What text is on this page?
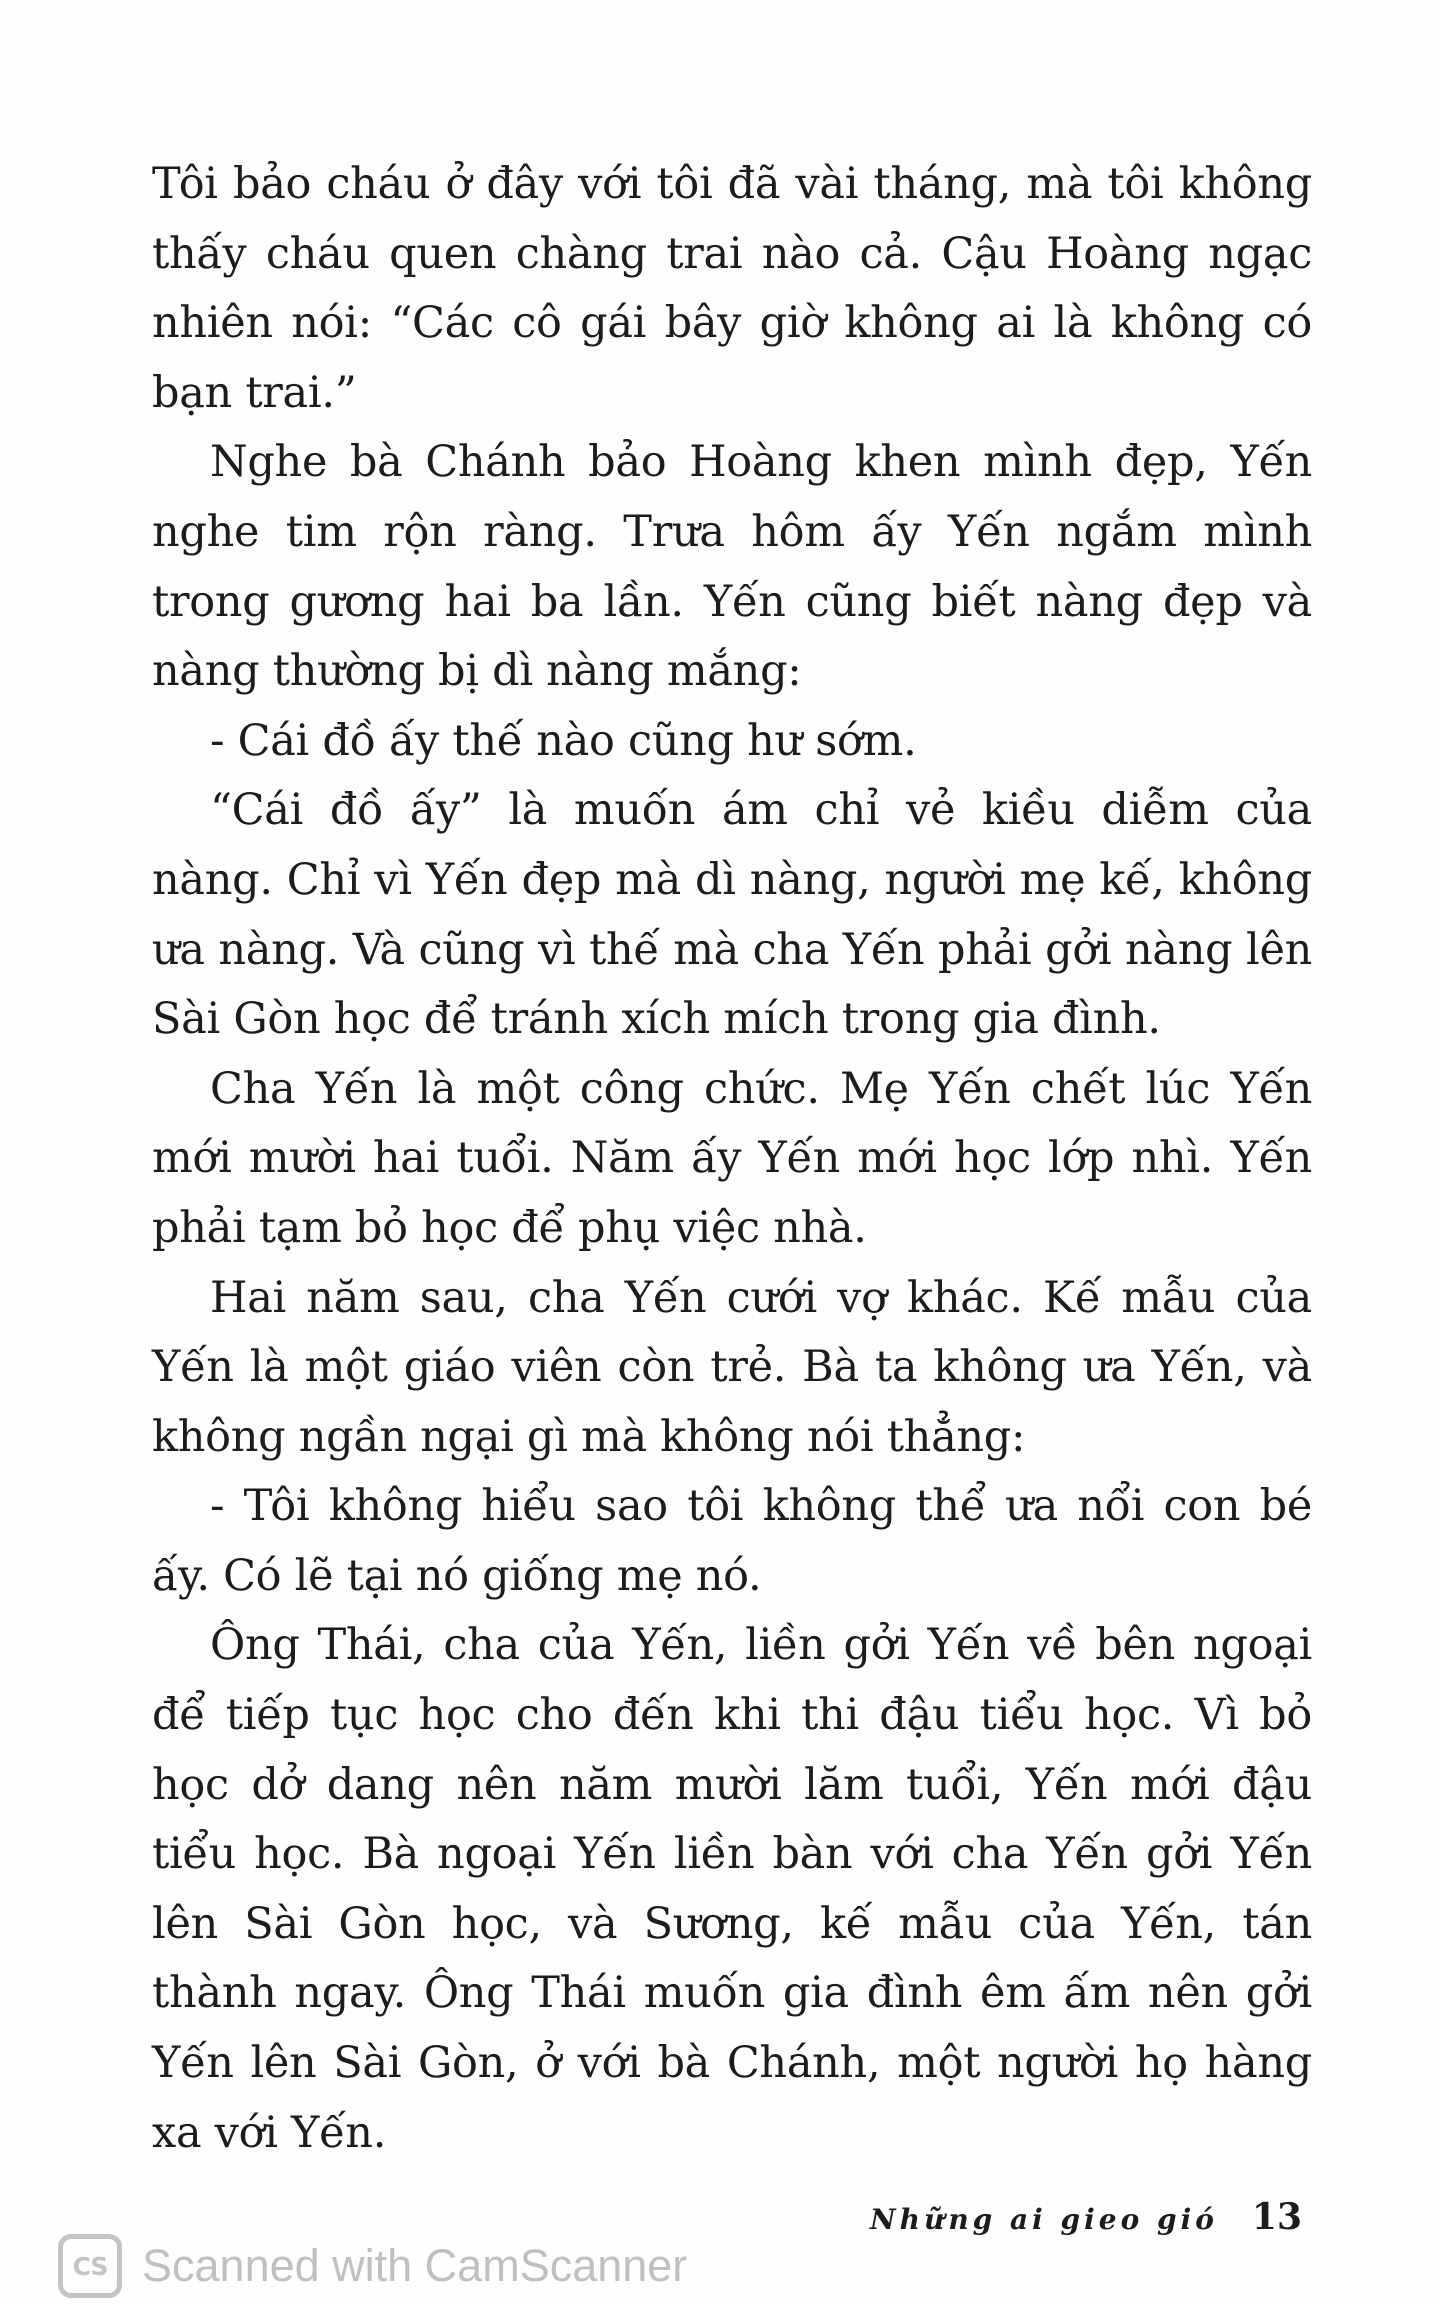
Tôi bảo cháu ở đây với tôi đã vài tháng, mà tôi không thấy cháu quen chàng trai nào cả. Cậu Hoàng ngạc nhiên nói: “Các cô gái bây giờ không ai là không có bạn trai.”

Nghe bà Chánh bảo Hoàng khen mình đẹp, Yến nghe tim rộn ràng. Trưa hôm ấy Yến ngắm mình trong gương hai ba lần. Yến cũng biết nàng đẹp và nàng thường bị dì nàng mắng:

- Cái đồ ấy thế nào cũng hư sớm.

“Cái đồ ấy” là muốn ám chỉ vẻ kiều diễm của nàng. Chỉ vì Yến đẹp mà dì nàng, người mẹ kế, không ưa nàng. Và cũng vì thế mà cha Yến phải gởi nàng lên Sài Gòn học để tránh xích mích trong gia đình.

Cha Yến là một công chức. Mẹ Yến chết lúc Yến mới mười hai tuổi. Năm ấy Yến mới học lớp nhì. Yến phải tạm bỏ học để phụ việc nhà.

Hai năm sau, cha Yến cưới vợ khác. Kế mẫu của Yến là một giáo viên còn trẻ. Bà ta không ưa Yến, và không ngần ngại gì mà không nói thẳng:

- Tôi không hiểu sao tôi không thể ưa nổi con bé ấy. Có lẽ tại nó giống mẹ nó.

Ông Thái, cha của Yến, liền gởi Yến về bên ngoại để tiếp tục học cho đến khi thi đậu tiểu học. Vì bỏ học dở dang nên năm mười lăm tuổi, Yến mới đậu tiểu học. Bà ngoại Yến liền bàn với cha Yến gởi Yến lên Sài Gòn học, và Sương, kế mẫu của Yến, tán thành ngay. Ông Thái muốn gia đình êm ấm nên gởi Yến lên Sài Gòn, ở với bà Chánh, một người họ hàng xa với Yến.

Những ai gieo gió 13
CS Scanned with CamScanner
